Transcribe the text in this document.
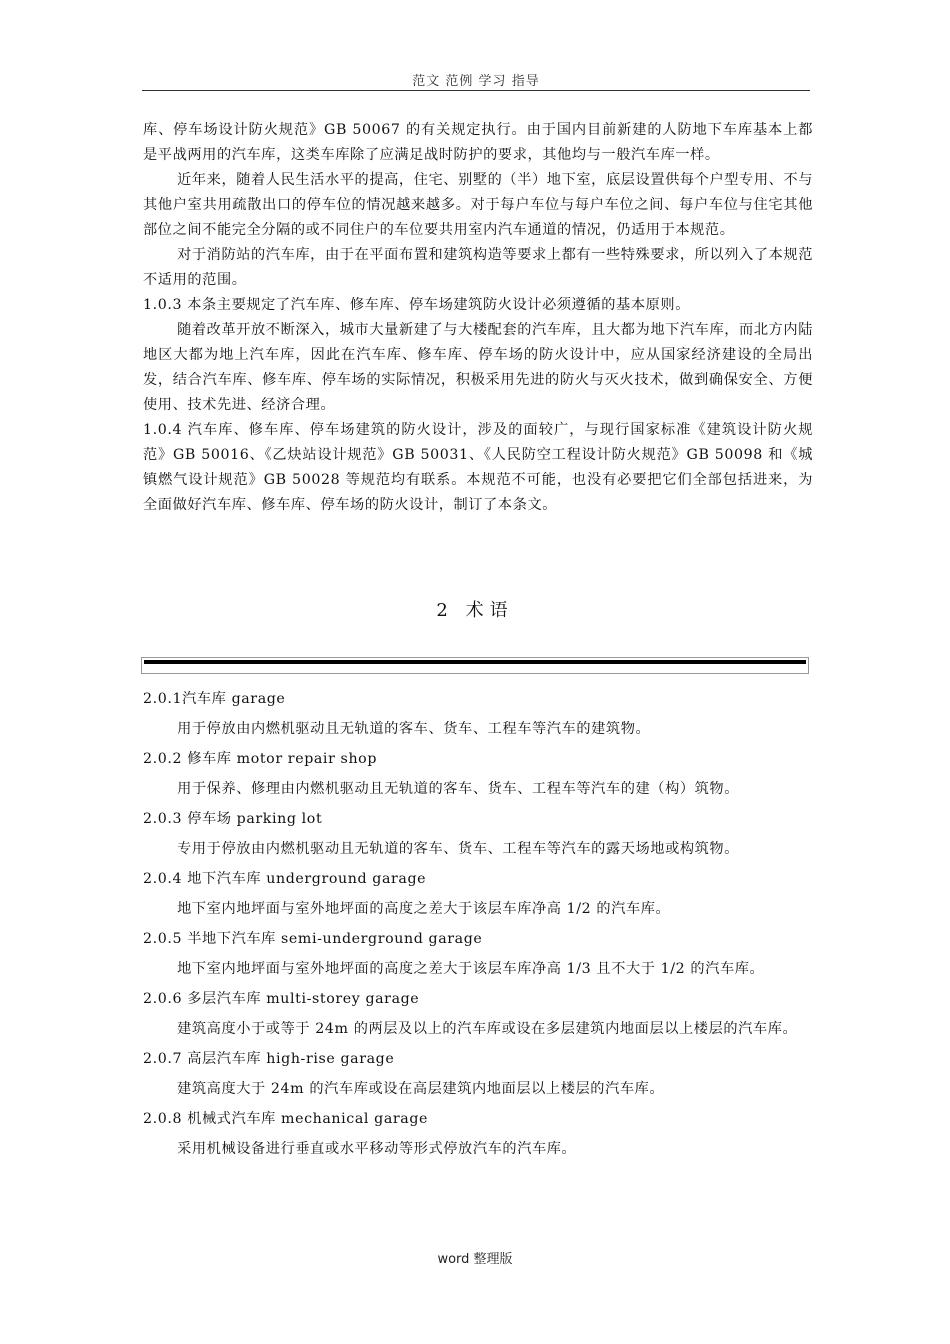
范文 范例 学习 指导

库、停车场设计防火规范》GB 50067 的有关规定执行。由于国内目前新建的人防地下车库基本上都是平战两用的汽车库，这类车库除了应满足战时防护的要求，其他均与一般汽车库一样。

近年来，随着人民生活水平的提高，住宅、别墅的（半）地下室，底层设置供每个户型专用、不与其他户室共用疏散出口的停车位的情况越来越多。对于每户车位与每户车位之间、每户车位与住宅其他部位之间不能完全分隔的或不同住户的车位要共用室内汽车通道的情况，仍适用于本规范。

对于消防站的汽车库，由于在平面布置和建筑构造等要求上都有一些特殊要求，所以列入了本规范不适用的范围。

1.0.3 本条主要规定了汽车库、修车库、停车场建筑防火设计必须遵循的基本原则。

随着改革开放不断深入，城市大量新建了与大楼配套的汽车库，且大都为地下汽车库，而北方内陆地区大都为地上汽车库，因此在汽车库、修车库、停车场的防火设计中，应从国家经济建设的全局出发，结合汽车库、修车库、停车场的实际情况，积极采用先进的防火与灭火技术，做到确保安全、方便使用、技术先进、经济合理。

1.0.4 汽车库、修车库、停车场建筑的防火设计，涉及的面较广，与现行国家标准《建筑设计防火规范》GB 50016、《乙炔站设计规范》GB 50031、《人民防空工程设计防火规范》GB 50098 和《城镇燃气设计规范》GB 50028 等规范均有联系。本规范不可能，也没有必要把它们全部包括进来，为全面做好汽车库、修车库、停车场的防火设计，制订了本条文。

2 术语

2.0.1汽车库 garage

用于停放由内燃机驱动且无轨道的客车、货车、工程车等汽车的建筑物。

2.0.2 修车库 motor repair shop

用于保养、修理由内燃机驱动且无轨道的客车、货车、工程车等汽车的建（构）筑物。

2.0.3 停车场 parking lot

专用于停放由内燃机驱动且无轨道的客车、货车、工程车等汽车的露天场地或构筑物。

2.0.4 地下汽车库 underground garage

地下室内地坪面与室外地坪面的高度之差大于该层车库净高 1/2 的汽车库。

2.0.5 半地下汽车库 semi-underground garage

地下室内地坪面与室外地坪面的高度之差大于该层车库净高 1/3 且不大于 1/2 的汽车库。

2.0.6 多层汽车库 multi-storey garage

建筑高度小于或等于 24m 的两层及以上的汽车库或设在多层建筑内地面层以上楼层的汽车库。

2.0.7 高层汽车库 high-rise garage

建筑高度大于 24m 的汽车库或设在高层建筑内地面层以上楼层的汽车库。

2.0.8 机械式汽车库 mechanical garage

采用机械设备进行垂直或水平移动等形式停放汽车的汽车库。

word 整理版
